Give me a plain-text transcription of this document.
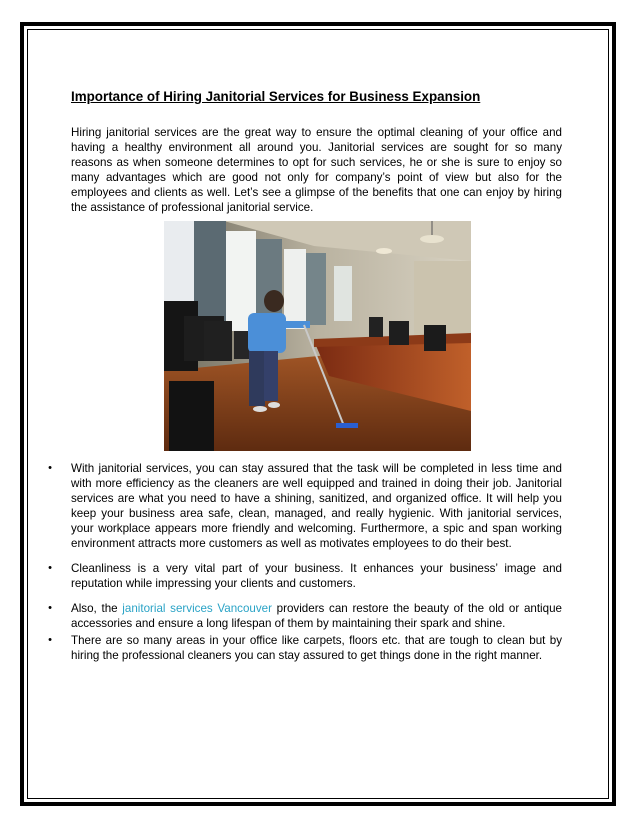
Importance of Hiring Janitorial Services for Business Expansion

Hiring janitorial services are the great way to ensure the optimal cleaning of your office and having a healthy environment all around you. Janitorial services are sought for so many reasons as when someone determines to opt for such services, he or she is sure to enjoy so many advantages which are good not only for company’s point of view but also for the employees and clients as well. Let’s see a glimpse of the benefits that one can enjoy by hiring the assistance of professional janitorial service.

•	With janitorial services, you can stay assured that the task will be completed in less time and with more efficiency as the cleaners are well equipped and trained in doing their job. Janitorial services are what you need to have a shining, sanitized, and organized office. It will help you keep your business area safe, clean, managed, and really hygienic. With janitorial services, your workplace appears more friendly and welcoming. Furthermore, a spic and span working environment attracts more customers as well as motivates employees to do their best.
•	Cleanliness is a very vital part of your business. It enhances your business’ image and reputation while impressing your clients and customers.
•	Also, the janitorial services Vancouver providers can restore the beauty of the old or antique accessories and ensure a long lifespan of them by maintaining their spark and shine.
•	There are so many areas in your office like carpets, floors etc. that are tough to clean but by hiring the professional cleaners you can stay assured to get things done in the right manner.
